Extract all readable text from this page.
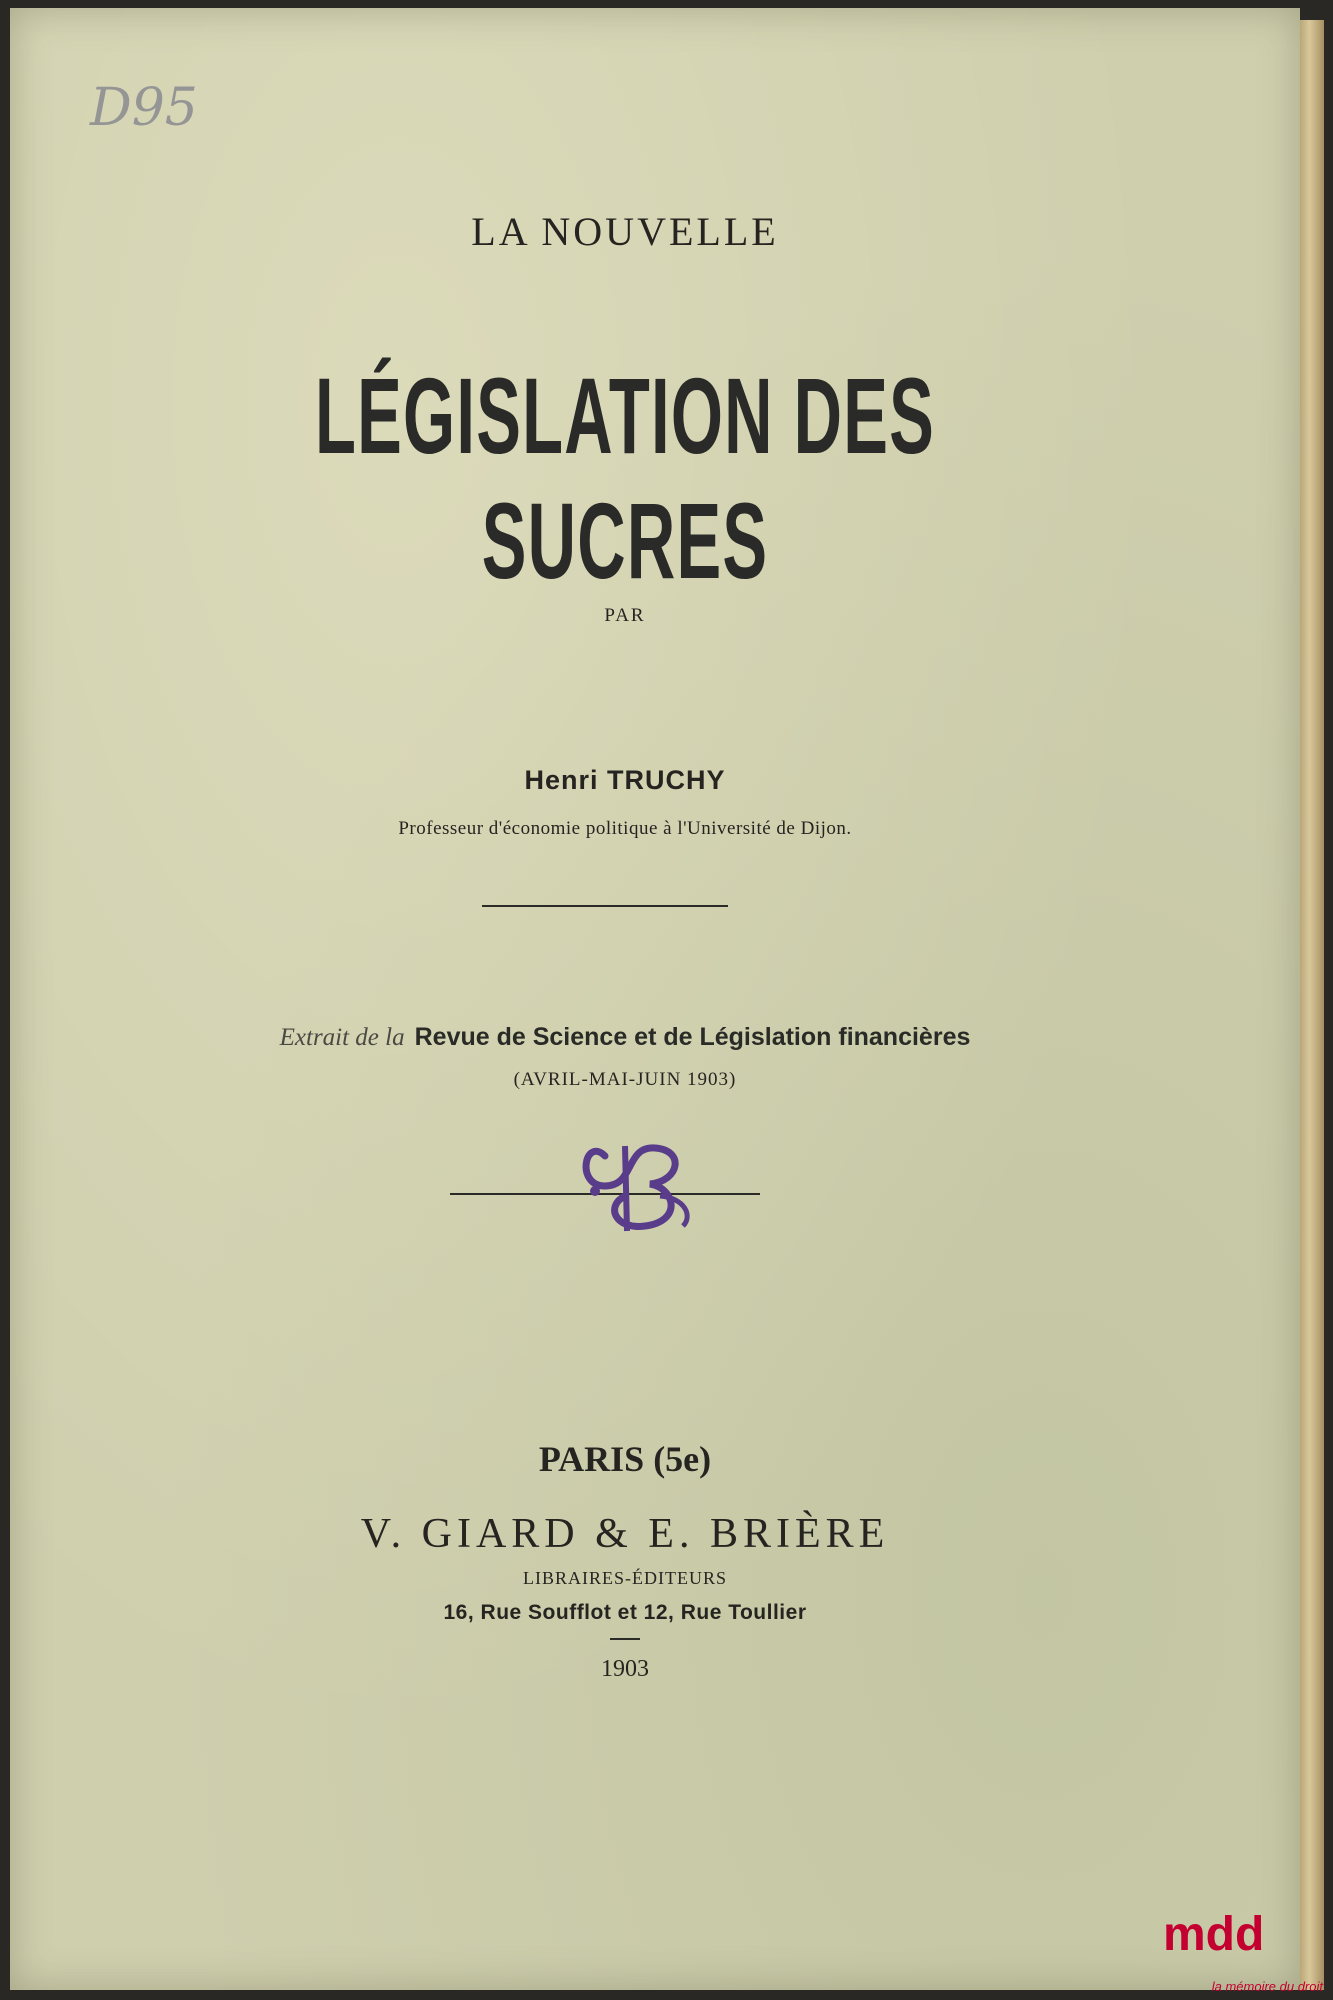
D95
LA NOUVELLE
LÉGISLATION DES SUCRES
PAR
Henri TRUCHY
Professeur d'économie politique à l'Université de Dijon.
Extrait de la Revue de Science et de Législation financières
(AVRIL-MAI-JUIN 1903)
PARIS (5e)
V. GIARD & E. BRIÈRE
LIBRAIRES-ÉDITEURS
16, Rue Soufflot et 12, Rue Toullier
1903
mdd
la mémoire du droit
